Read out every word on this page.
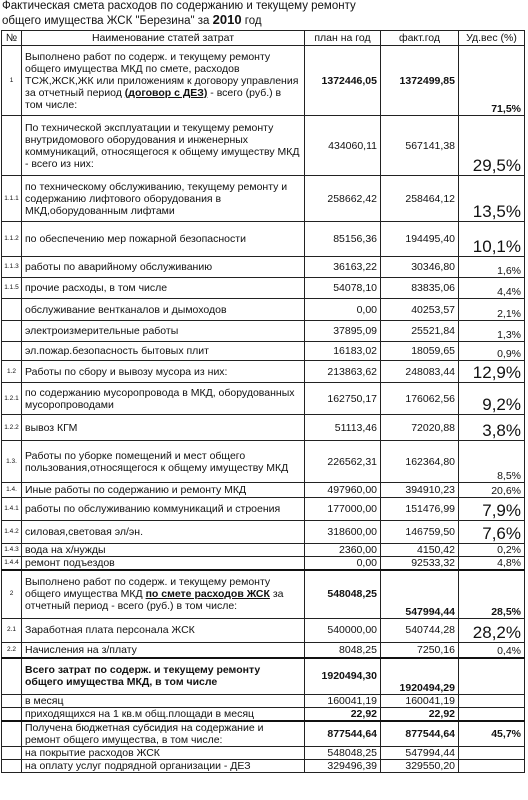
Фактическая смета расходов по содержанию и текущему ремонту
общего имущества ЖСК "Березина" за 2010 год
№	Наименование статей затрат	план на год	факт.год	Уд.вес (%)
1	Выполнено работ по содерж. и текущему ремонту общего имущества МКД по смете, расходов ТСЖ,ЖСК,ЖК или приложениям к договору управления за отчетный период (договор с ДЕЗ) - всего (руб.) в том числе:	1372446,05	1372499,85	71,5%
	По технической эксплуатации и текущему ремонту внутридомового оборудования и инженерных коммуникаций, относящегося к общему имуществу МКД - всего из них:	434060,11	567141,38	29,5%
1.1.1	по техническому обслуживанию, текущему ремонту и содержанию лифтового оборудования в МКД,оборудованным лифтами	258662,42	258464,12	13,5%
1.1.2	по обеспечению мер пожарной безопасности	85156,36	194495,40	10,1%
1.1.3	работы по аварийному обслуживанию	36163,22	30346,80	1,6%
1.1.5	прочие расходы, в том числе	54078,10	83835,06	4,4%
	обслуживание вентканалов и дымоходов	0,00	40253,57	2,1%
	электроизмерительные работы	37895,09	25521,84	1,3%
	эл.пожар.безопасность бытовых плит	16183,02	18059,65	0,9%
1.2	Работы по сбору и вывозу мусора из них:	213863,62	248083,44	12,9%
1.2.1	по содержанию мусоропровода в МКД, оборудованных мусоропроводами	162750,17	176062,56	9,2%
1.2.2	вывоз КГМ	51113,46	72020,88	3,8%
1.3.	Работы по уборке помещений и мест общего пользования,относящегося к общему имуществу МКД	226562,31	162364,80	8,5%
1.4.	Иные работы по содержанию и ремонту МКД	497960,00	394910,23	20,6%
1.4.1	работы по обслуживанию коммуникаций и строения	177000,00	151476,99	7,9%
1.4.2	силовая,световая эл/эн.	318600,00	146759,50	7,6%
1.4.3	вода на х/нужды	2360,00	4150,42	0,2%
1.4.4	ремонт подъездов	0,00	92533,32	4,8%
2	Выполнено работ по содерж. и текущему ремонту общего имущества МКД по смете расходов ЖСК за отчетный период - всего (руб.) в том числе:	548048,25	547994,44	28,5%
2.1	Заработная плата персонала ЖСК	540000,00	540744,28	28,2%
2.2	Начисления на з/плату	8048,25	7250,16	0,4%
	Всего затрат по содерж. и текущему ремонту общего имущества МКД, в том числе	1920494,30	1920494,29	
	в месяц	160041,19	160041,19	
	приходящихся на 1 кв.м общ.площади в месяц	22,92	22,92	
	Получена бюджетная субсидия на содержание и ремонт общего имущества, в том числе:	877544,64	877544,64	45,7%
	на покрытие расходов ЖСК	548048,25	547994,44	
	на оплату услуг подрядной организации - ДЕЗ	329496,39	329550,20	
